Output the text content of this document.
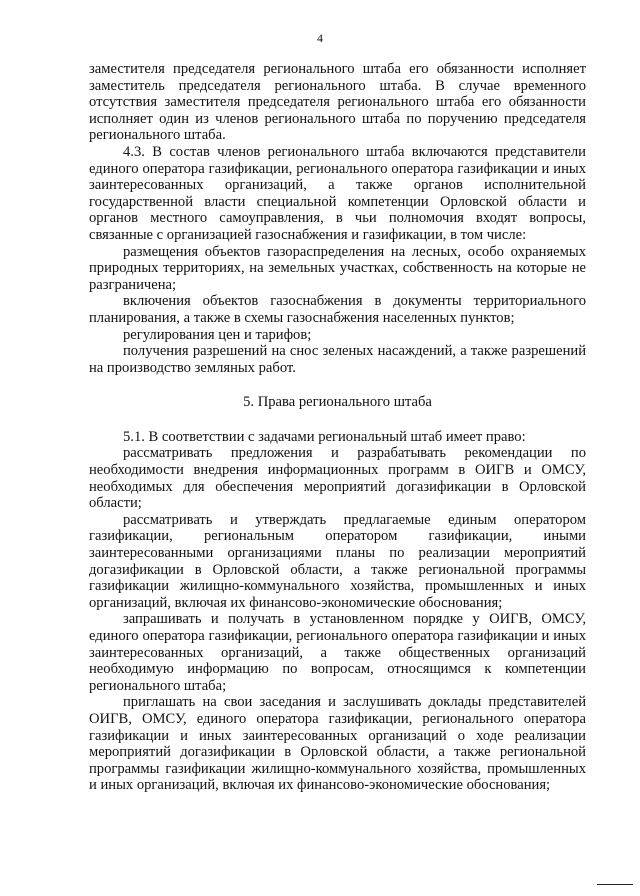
4

заместителя председателя регионального штаба его обязанности исполняет заместитель председателя регионального штаба. В случае временного отсутствия заместителя председателя регионального штаба его обязанности исполняет один из членов регионального штаба по поручению председателя регионального штаба.

4.3. В состав членов регионального штаба включаются представители единого оператора газификации, регионального оператора газификации и иных заинтересованных организаций, а также органов исполнительной государственной власти специальной компетенции Орловской области и органов местного самоуправления, в чьи полномочия входят вопросы, связанные с организацией газоснабжения и газификации, в том числе:

размещения объектов газораспределения на лесных, особо охраняемых природных территориях, на земельных участках, собственность на которые не разграничена;

включения объектов газоснабжения в документы территориального планирования, а также в схемы газоснабжения населенных пунктов;

регулирования цен и тарифов;

получения разрешений на снос зеленых насаждений, а также разрешений на производство земляных работ.

5. Права регионального штаба

5.1. В соответствии с задачами региональный штаб имеет право:

рассматривать предложения и разрабатывать рекомендации по необходимости внедрения информационных программ в ОИГВ и ОМСУ, необходимых для обеспечения мероприятий догазификации в Орловской области;

рассматривать и утверждать предлагаемые единым оператором газификации, региональным оператором газификации, иными заинтересованными организациями планы по реализации мероприятий догазификации в Орловской области, а также региональной программы газификации жилищно-коммунального хозяйства, промышленных и иных организаций, включая их финансово-экономические обоснования;

запрашивать и получать в установленном порядке у ОИГВ, ОМСУ, единого оператора газификации, регионального оператора газификации и иных заинтересованных организаций, а также общественных организаций необходимую информацию по вопросам, относящимся к компетенции регионального штаба;

приглашать на свои заседания и заслушивать доклады представителей ОИГВ, ОМСУ, единого оператора газификации, регионального оператора газификации и иных заинтересованных организаций о ходе реализации мероприятий догазификации в Орловской области, а также региональной программы газификации жилищно-коммунального хозяйства, промышленных и иных организаций, включая их финансово-экономические обоснования;
